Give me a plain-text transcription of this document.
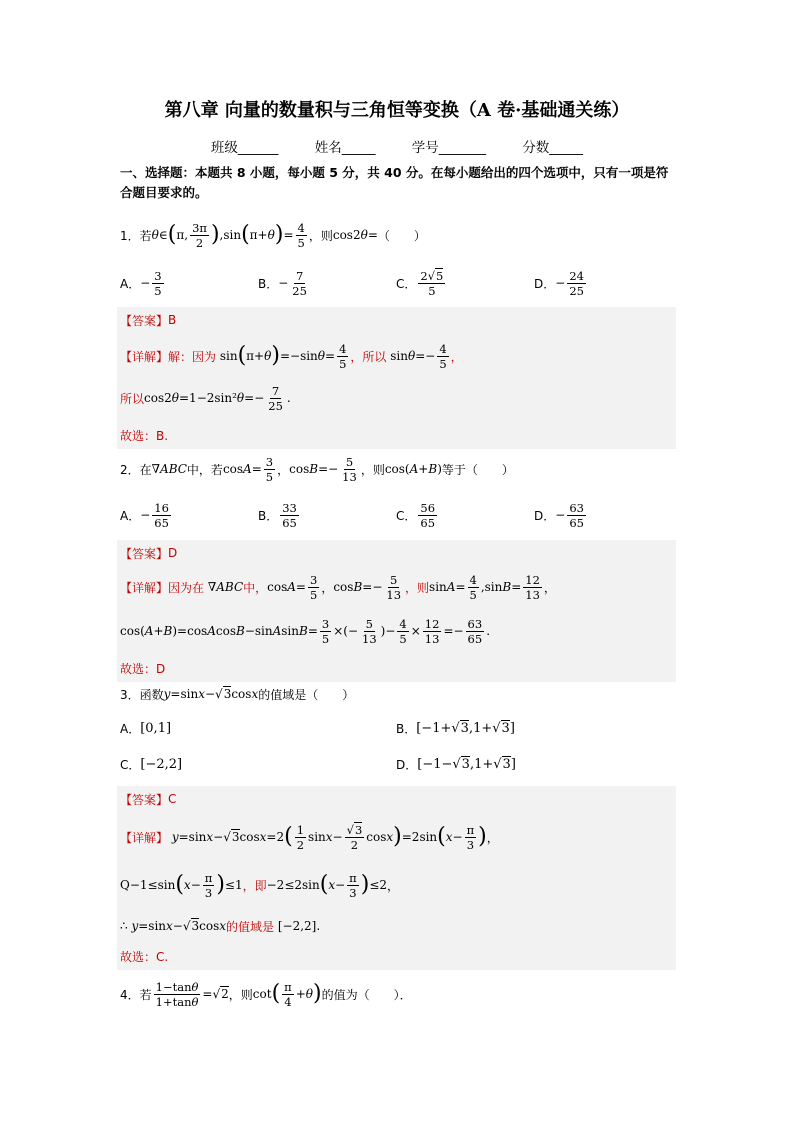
第八章 向量的数量积与三角恒等变换（A 卷·基础通关练）
班级______	姓名_____	学号_______	分数_____
一、选择题：本题共 8 小题，每小题 5 分，共 40 分。在每小题给出的四个选项中，只有一项是符合题目要求的。
1．若 θ ∈ ( π, $\frac{3\pi}{2}$ ) ,sin ( π+ θ ) = $\frac{4}{5}$ ，则 cos2 θ = （　　）
A． − $\frac{3}{5}$	B． − $\frac{7}{25}$	C． $\frac{2√5}{5}$	D． − $\frac{24}{25}$
【答案】 B
【详解】 解：因为 sin ( π+ θ ) =−sin $\theta = \frac{4}{5}$ ，所以 $\sin \theta =- \frac{4}{5}$ ，
所以 cos2 θ =1−2sin² $\theta =- \frac{7}{25}$ .
故选：B.
2．在 ∇ ABC 中，若 $\cos A = \frac{3}{5}$ ， $\cos B =- \frac{5}{13}$ ，则 cos( A + B ) 等于（　　）
A． − $\frac{16}{65}$	B． $\frac{33}{65}$	C． $\frac{56}{65}$	D． − $\frac{63}{65}$
【答案】 D
【详解】 因为在 ∇ ABC 中， $\cos A = \frac{3}{5}$ ， $\cos B =- \frac{5}{13}$ ，则 $\sin A = \frac{4}{5} ,\sin$ $B = \frac{12}{13}$ ，
cos( A + B )=cos A cos B −sin A $\sin B = \frac{3}{5}$ ×(− $\frac{5}{13}$ )− $\frac{4}{5} \times \frac{12}{13} =- \frac{63}{65}$ .
故选：D
3．函数 y =sin x −√3cos x 的值域是（　　）
A． [0,1]	B． [−1+√3,1+√3]
C． [−2,2]	D． [−1−√3,1+√3]
【答案】 C
【详解】 y =sin x −√3cos x =2 ( $\frac{1}{2}$ $\sin x - \frac{√3}{2}$ cos x ) =2sin ( $x - \frac{\pi}{3}$ ) ，
Q−1≤sin ( $x - \frac{\pi}{3}$ ) ≤1 ，即 −2≤2sin ( $x - \frac{\pi}{3}$ ) ≤2 ，
∴ y =sin x −√3cos x 的值域是 [−2,2] .
故选：C.
4．若 $\frac{1-\tan\theta}{1+\tan\theta} =√2$ ，则 cot ( $\frac{\pi}{4} + \theta$ ) 的值为（　　）．
